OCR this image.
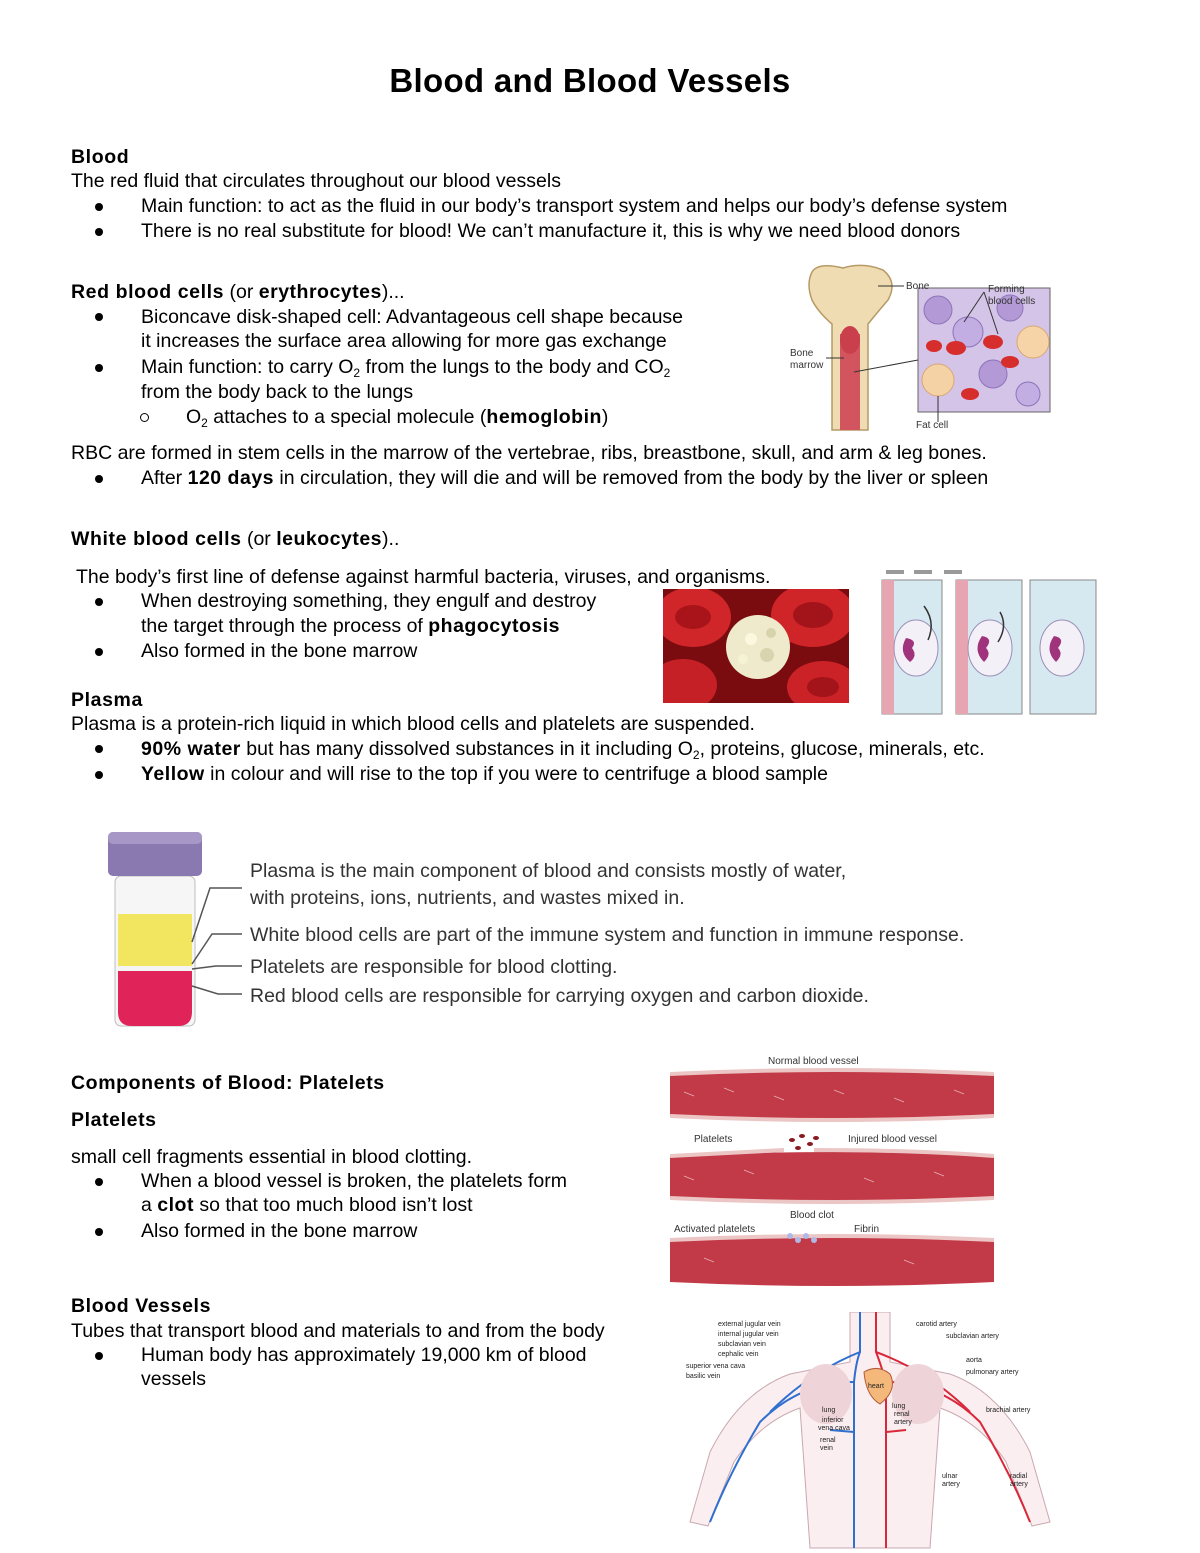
Blood and Blood Vessels
Blood
The red fluid that circulates throughout our blood vessels
Main function: to act as the fluid in our body’s transport system and helps our body’s defense system
There is no real substitute for blood! We can’t manufacture it, this is why we need blood donors
Red blood cells (or erythrocytes)...
Biconcave disk-shaped cell: Advantageous cell shape because
it increases the surface area allowing for more gas exchange
Main function: to carry $O_2$ from the lungs to the body and $CO_2$
from the body back to the lungs
$O_2$ attaches to a special molecule (hemoglobin)
RBC are formed in stem cells in the marrow of the vertebrae, ribs, breastbone, skull, and arm & leg bones.
After 120 days in circulation, they will die and will be removed from the body by the liver or spleen
Bone	Forming
blood cells
Bone
marrow
Fat cell
White blood cells (or leukocytes)..
The body’s first line of defense against harmful bacteria, viruses, and organisms.
When destroying something, they engulf and destroy
the target through the process of phagocytosis
Also formed in the bone marrow
Plasma
Plasma is a protein-rich liquid in which blood cells and platelets are suspended.
90% water but has many dissolved substances in it including $O_2$, proteins, glucose, minerals, etc.
Yellow in colour and will rise to the top if you were to centrifuge a blood sample
Plasma is the main component of blood and consists mostly of water,
with proteins, ions, nutrients, and wastes mixed in.
White blood cells are part of the immune system and function in immune response.
Platelets are responsible for blood clotting.
Red blood cells are responsible for carrying oxygen and carbon dioxide.
Components of Blood: Platelets
Platelets
small cell fragments essential in blood clotting.
When a blood vessel is broken, the platelets form
a clot so that too much blood isn’t lost
Also formed in the bone marrow
Normal blood vessel
Platelets	Injured blood vessel
Blood clot
Activated platelets	Fibrin
Blood Vessels
Tubes that transport blood and materials to and from the body
Human body has approximately 19,000 km of blood
vessels
external jugular vein
internal jugular vein
subclavian vein
cephalic vein
superior vena cava
basilic vein
carotid artery
subclavian artery
aorta
pulmonary artery
brachial artery
heart
lung
lung
inferior
vena cava
renal
vein
renal
artery
ulnar
artery
radial
artery
